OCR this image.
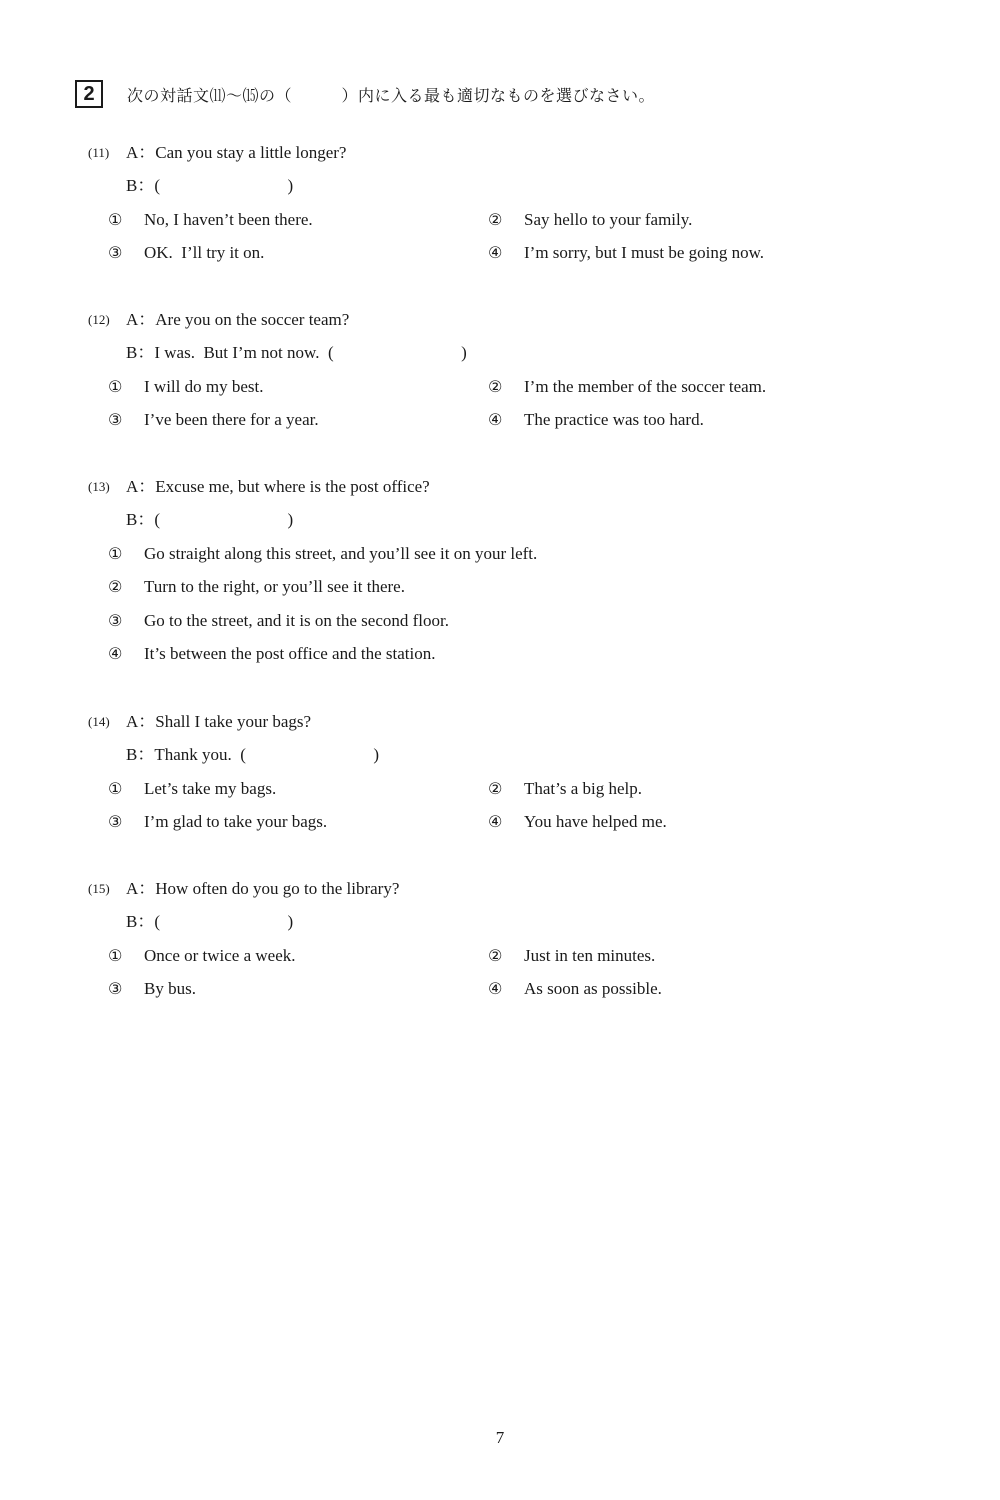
2	次の対話文⑾〜⒂の（　　　）内に入る最も適切なものを選びなさい。
(11) A：Can you stay a little longer?
B：(                              )
① No, I haven’t been there.	② Say hello to your family.
③ OK.  I’ll try it on.	④ I’m sorry, but I must be going now.
(12) A：Are you on the soccer team?
B：I was.  But I’m not now.  (                              )
① I will do my best.	② I’m the member of the soccer team.
③ I’ve been there for a year.	④ The practice was too hard.
(13) A：Excuse me, but where is the post office?
B：(                              )
① Go straight along this street, and you’ll see it on your left.
② Turn to the right, or you’ll see it there.
③ Go to the street, and it is on the second floor.
④ It’s between the post office and the station.
(14) A：Shall I take your bags?
B：Thank you.  (                              )
① Let’s take my bags.	② That’s a big help.
③ I’m glad to take your bags.	④ You have helped me.
(15) A：How often do you go to the library?
B：(                              )
① Once or twice a week.	② Just in ten minutes.
③ By bus.	④ As soon as possible.
7
